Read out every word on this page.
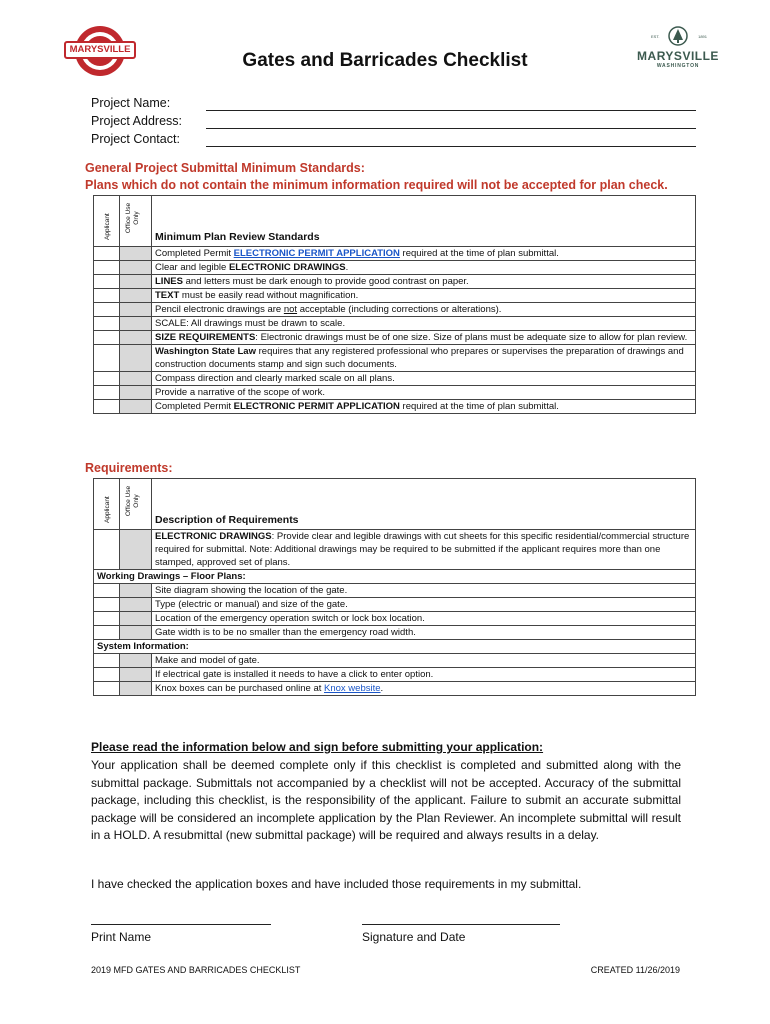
MARYSVILLE
EST.	1891
MARYSVILLE
WASHINGTON
Gates and Barricades Checklist
Project Name:
Project Address:
Project Contact:
General Project Submittal Minimum Standards:
Plans which do not contain the minimum information required will not be accepted for plan check.
Applicant	Office Use Only	Minimum Plan Review Standards
		Completed Permit ELECTRONIC PERMIT APPLICATION required at the time of plan submittal.
		Clear and legible ELECTRONIC DRAWINGS.
		LINES and letters must be dark enough to provide good contrast on paper.
		TEXT must be easily read without magnification.
		Pencil electronic drawings are not acceptable (including corrections or alterations).
		SCALE: All drawings must be drawn to scale.
		SIZE REQUIREMENTS: Electronic drawings must be of one size. Size of plans must be adequate size to allow for plan review.
		Washington State Law requires that any registered professional who prepares or supervises the preparation of drawings and construction documents stamp and sign such documents.
		Compass direction and clearly marked scale on all plans.
		Provide a narrative of the scope of work.
		Completed Permit ELECTRONIC PERMIT APPLICATION required at the time of plan submittal.
Requirements:
Applicant	Office Use Only	Description of Requirements
		ELECTRONIC DRAWINGS: Provide clear and legible drawings with cut sheets for this specific residential/commercial structure required for submittal. Note: Additional drawings may be required to be submitted if the applicant requires more than one stamped, approved set of plans.
Working Drawings – Floor Plans:		
		Site diagram showing the location of the gate.
		Type (electric or manual) and size of the gate.
		Location of the emergency operation switch or lock box location.
		Gate width is to be no smaller than the emergency road width.
System Information:		
		Make and model of gate.
		If electrical gate is installed it needs to have a click to enter option.
		Knox boxes can be purchased online at Knox website.
Please read the information below and sign before submitting your application:
Your application shall be deemed complete only if this checklist is completed and submitted along with the submittal package. Submittals not accompanied by a checklist will not be accepted. Accuracy of the submittal package, including this checklist, is the responsibility of the applicant. Failure to submit an accurate submittal package will be considered an incomplete application by the Plan Reviewer. An incomplete submittal will result in a HOLD. A resubmittal (new submittal package) will be required and always results in a delay.
I have checked the application boxes and have included those requirements in my submittal.
Print Name	Signature and Date
2019 MFD GATES AND BARRICADES CHECKLIST	CREATED 11/26/2019
